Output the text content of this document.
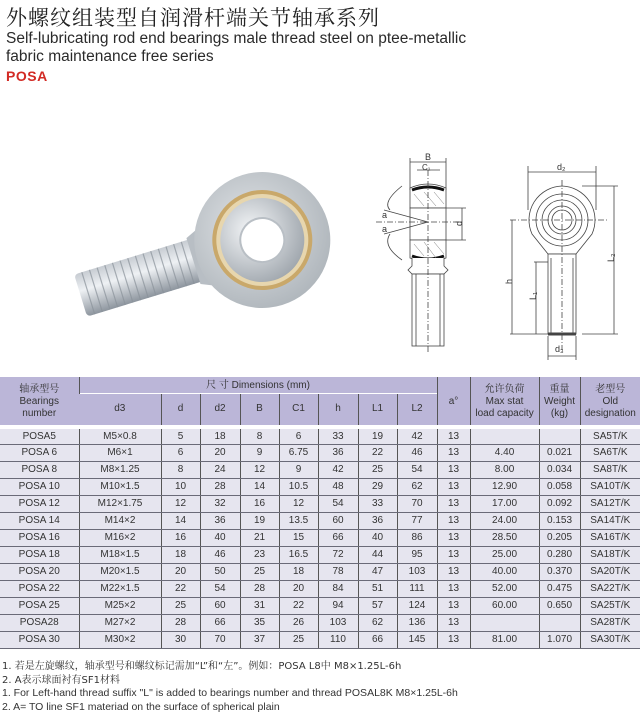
外螺纹组装型自润滑杆端关节轴承系列
Self-lubricating rod end bearings male thread steel on ptee-metallic
fabric maintenance free series
POSA
B
C₁
a
a
d
d₂
L₂
h
L₁
d₃
轴承型号
Bearings
number
	尺 寸 Dimensions (mm)	a°	
允许负荷
Max stat
load capacity

重量
Weight
(kg)

老型号
Old
designation

	d3	d	d2	B	C1	h	L1	L2				
POSA5	M5×0.8	5	18	8	6	33	19	42	13			SA5T/K
POSA 6	M6×1	6	20	9	6.75	36	22	46	13	4.40	0.021	SA6T/K
POSA 8	M8×1.25	8	24	12	9	42	25	54	13	8.00	0.034	SA8T/K
POSA 10	M10×1.5	10	28	14	10.5	48	29	62	13	12.90	0.058	SA10T/K
POSA 12	M12×1.75	12	32	16	12	54	33	70	13	17.00	0.092	SA12T/K
POSA 14	M14×2	14	36	19	13.5	60	36	77	13	24.00	0.153	SA14T/K
POSA 16	M16×2	16	40	21	15	66	40	86	13	28.50	0.205	SA16T/K
POSA 18	M18×1.5	18	46	23	16.5	72	44	95	13	25.00	0.280	SA18T/K
POSA 20	M20×1.5	20	50	25	18	78	47	103	13	40.00	0.370	SA20T/K
POSA 22	M22×1.5	22	54	28	20	84	51	111	13	52.00	0.475	SA22T/K
POSA 25	M25×2	25	60	31	22	94	57	124	13	60.00	0.650	SA25T/K
POSA28	M27×2	28	66	35	26	103	62	136	13			SA28T/K
POSA 30	M30×2	30	70	37	25	110	66	145	13	81.00	1.070	SA30T/K
1. 若是左旋螺纹，轴承型号和螺纹标记需加“L”和“左”。例如：POSA L8中 M8×1.25L-6h
2. A表示球面衬有SF1材料
1. For Left-hand thread suffix "L" is added to bearings number and thread POSAL8K M8×1.25L-6h
2. A= TO line SF1 materiad on the surface of spherical plain
